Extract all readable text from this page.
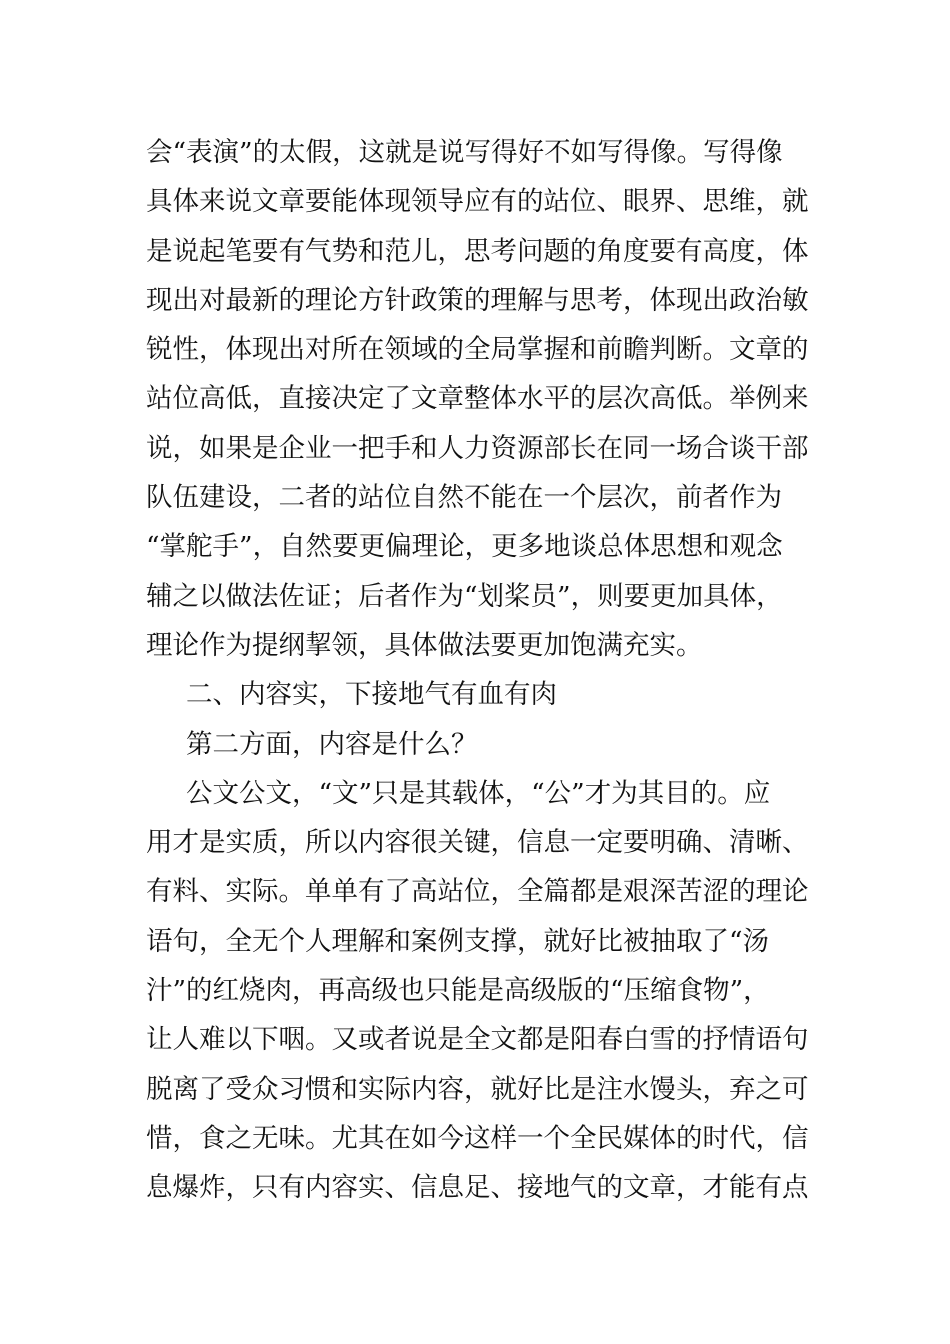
会“表演”的太假，这就是说写得好不如写得像。写得像
具体来说文章要能体现领导应有的站位、眼界、思维，就
是说起笔要有气势和范儿，思考问题的角度要有高度，体
现出对最新的理论方针政策的理解与思考，体现出政治敏
锐性，体现出对所在领域的全局掌握和前瞻判断。文章的
站位高低，直接决定了文章整体水平的层次高低。举例来
说，如果是企业一把手和人力资源部长在同一场合谈干部
队伍建设，二者的站位自然不能在一个层次，前者作为
“掌舵手”，自然要更偏理论，更多地谈总体思想和观念
辅之以做法佐证；后者作为“划桨员”，则要更加具体，
理论作为提纲挈领，具体做法要更加饱满充实。
二、内容实，下接地气有血有肉
第二方面，内容是什么？
公文公文，“文”只是其载体，“公”才为其目的。应
用才是实质，所以内容很关键，信息一定要明确、清晰、
有料、实际。单单有了高站位，全篇都是艰深苦涩的理论
语句，全无个人理解和案例支撑，就好比被抽取了“汤
汁”的红烧肉，再高级也只能是高级版的“压缩食物”，
让人难以下咽。又或者说是全文都是阳春白雪的抒情语句
脱离了受众习惯和实际内容，就好比是注水馒头，弃之可
惜，食之无味。尤其在如今这样一个全民媒体的时代，信
息爆炸，只有内容实、信息足、接地气的文章，才能有点
